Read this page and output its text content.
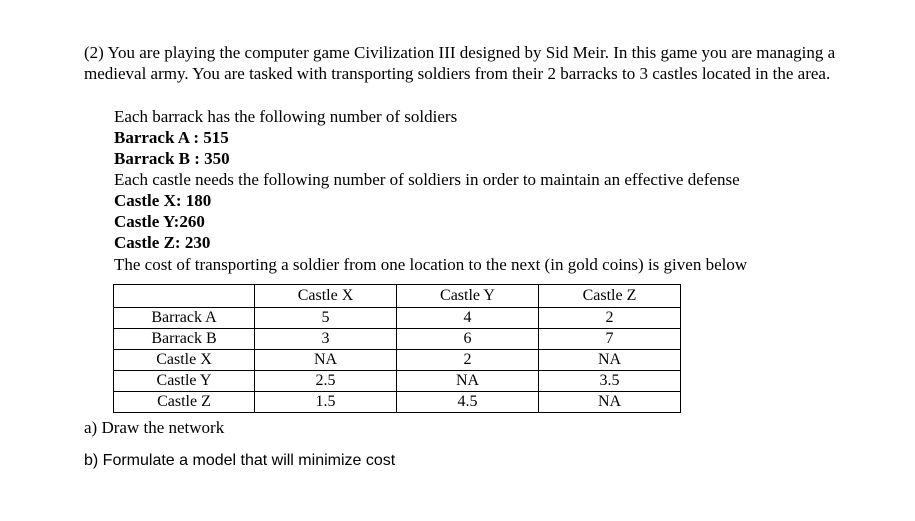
(2) You are playing the computer game Civilization III designed by Sid Meir. In this game you are managing a medieval army. You are tasked with transporting soldiers from their 2 barracks to 3 castles located in the area.
Each barrack has the following number of soldiers
Barrack A : 515
Barrack B : 350
Each castle needs the following number of soldiers in order to maintain an effective defense
Castle X: 180
Castle Y:260
Castle Z: 230
The cost of transporting a soldier from one location to the next (in gold coins) is given below
	Castle X	Castle Y	Castle Z
Barrack A	5	4	2
Barrack B	3	6	7
Castle X	NA	2	NA
Castle Y	2.5	NA	3.5
Castle Z	1.5	4.5	NA
a) Draw the network
b) Formulate a model that will minimize cost
